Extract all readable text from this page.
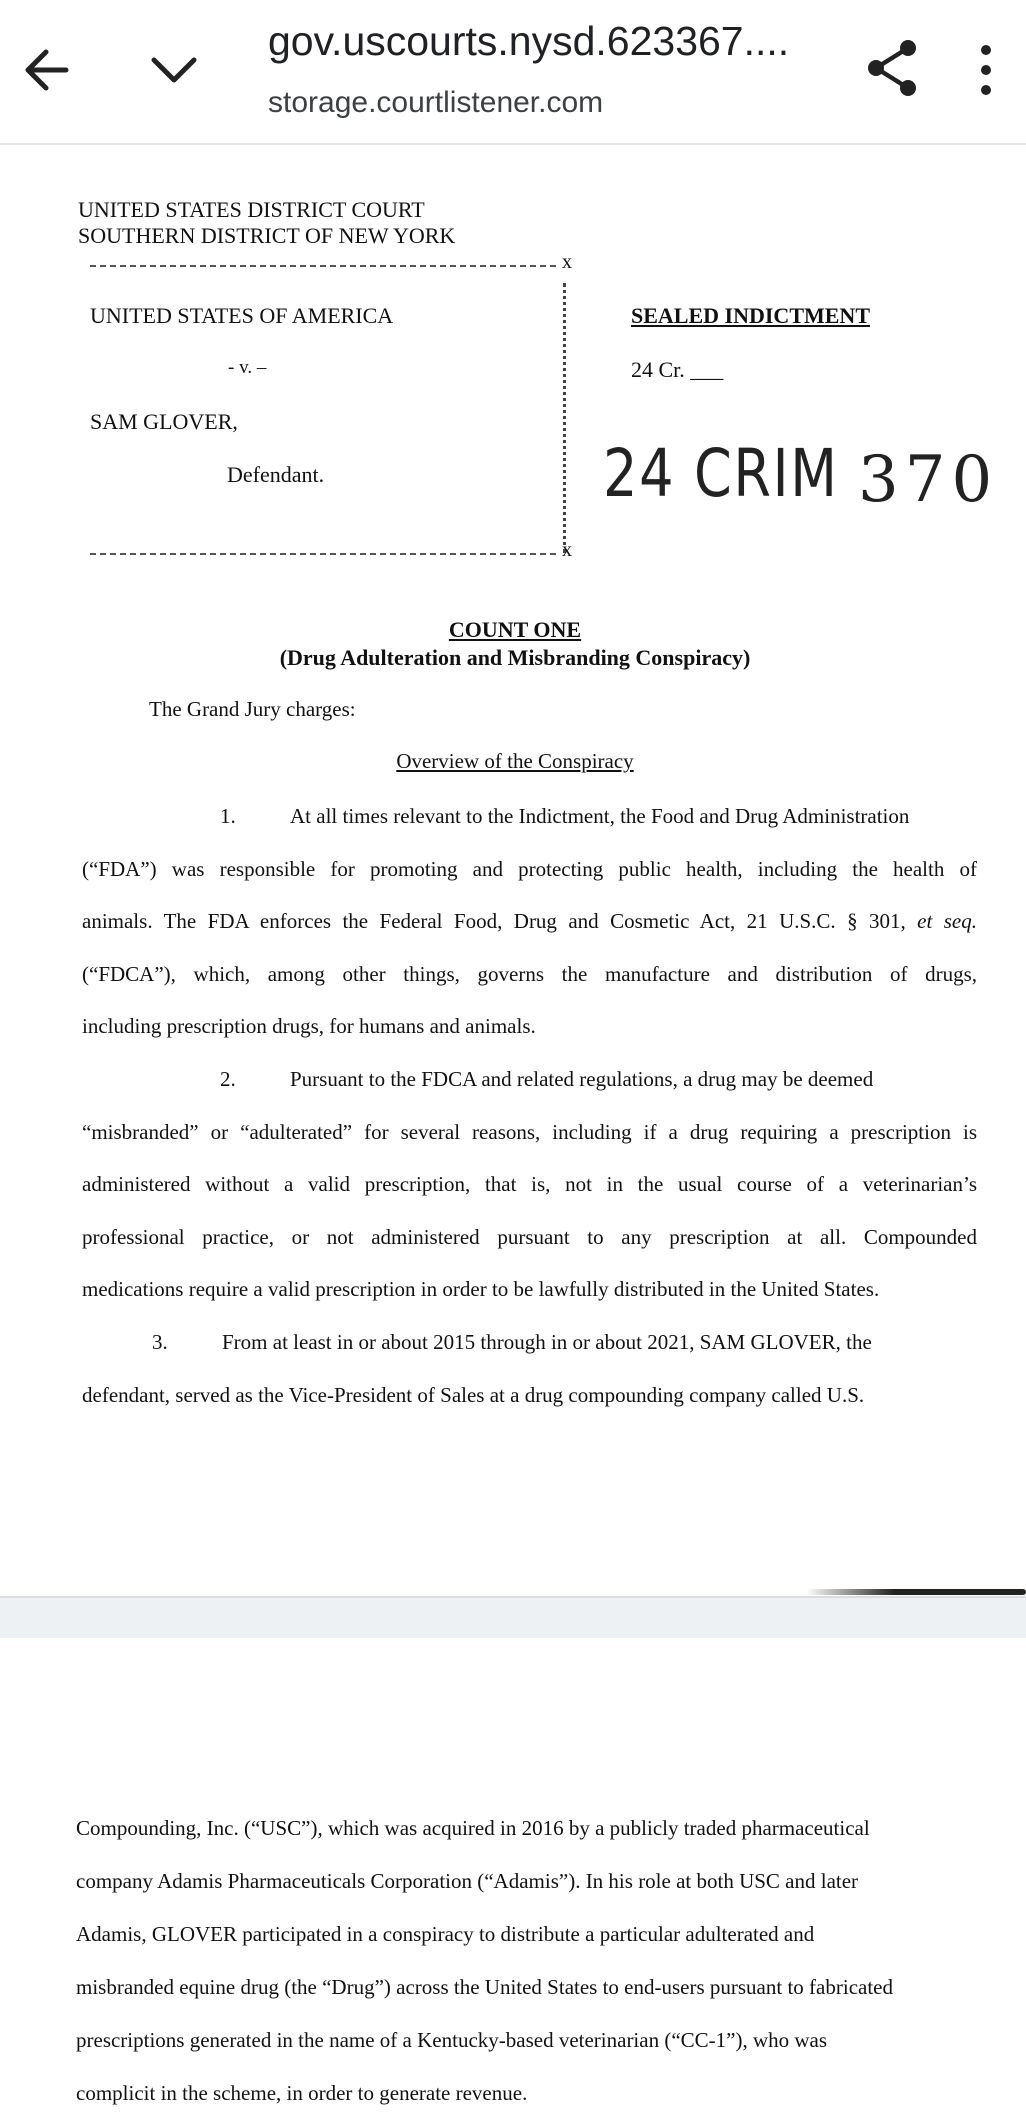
gov.uscourts.nysd.623367....
storage.courtlistener.com
UNITED STATES DISTRICT COURT
SOUTHERN DISTRICT OF NEW YORK
x
UNITED STATES OF AMERICA
- v. –
SAM GLOVER,
Defendant.
SEALED INDICTMENT
24 Cr. ___
24 CRIM 370
x
COUNT ONE
(Drug Adulteration and Misbranding Conspiracy)
The Grand Jury charges:
Overview of the Conspiracy

1.	At all times relevant to the Indictment, the Food and Drug Administration

(“FDA”) was responsible for promoting and protecting public health, including the health of

animals. The FDA enforces the Federal Food, Drug and Cosmetic Act, 21 U.S.C. § 301, et seq.

(“FDCA”), which, among other things, governs the manufacture and distribution of drugs,

including prescription drugs, for humans and animals.

2.	Pursuant to the FDCA and related regulations, a drug may be deemed

“misbranded” or “adulterated” for several reasons, including if a drug requiring a prescription is

administered without a valid prescription, that is, not in the usual course of a veterinarian’s

professional practice, or not administered pursuant to any prescription at all. Compounded

medications require a valid prescription in order to be lawfully distributed in the United States.

3.	From at least in or about 2015 through in or about 2021, SAM GLOVER, the

defendant, served as the Vice-President of Sales at a drug compounding company called U.S.

Compounding, Inc. (“USC”), which was acquired in 2016 by a publicly traded pharmaceutical
company Adamis Pharmaceuticals Corporation (“Adamis”). In his role at both USC and later
Adamis, GLOVER participated in a conspiracy to distribute a particular adulterated and
misbranded equine drug (the “Drug”) across the United States to end-users pursuant to fabricated
prescriptions generated in the name of a Kentucky-based veterinarian (“CC-1”), who was
complicit in the scheme, in order to generate revenue.
